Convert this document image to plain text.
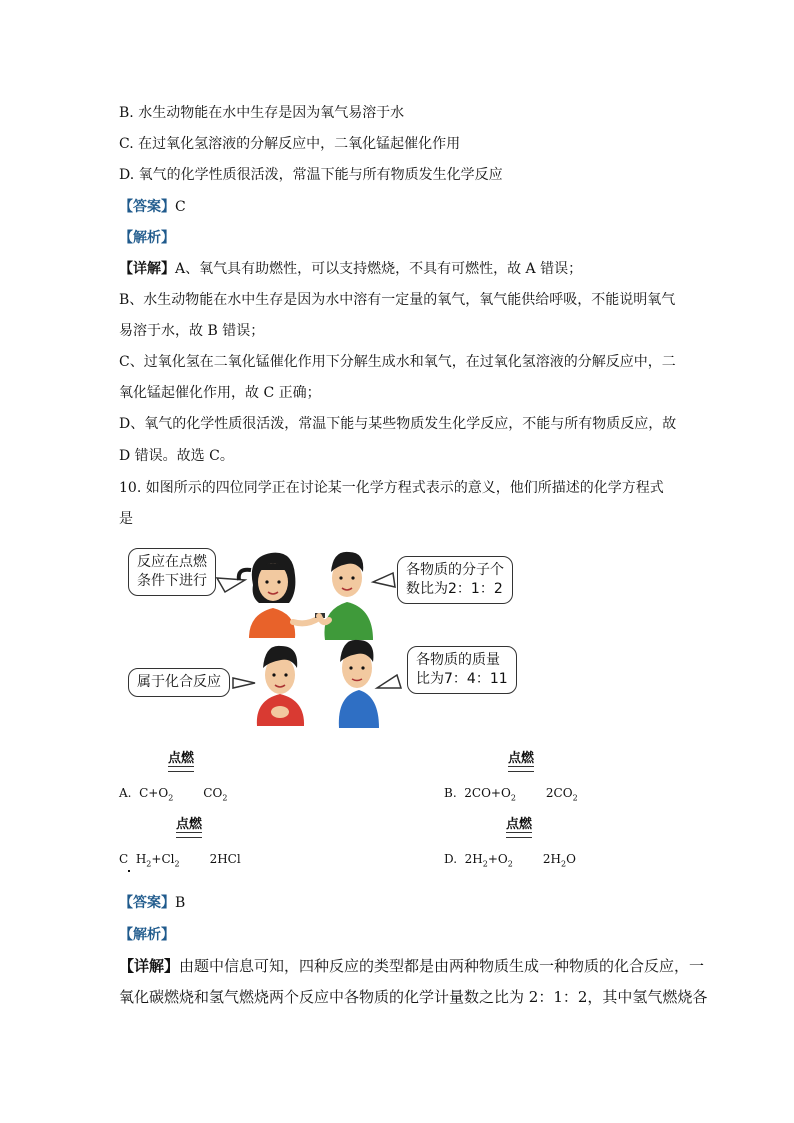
B. 水生动物能在水中生存是因为氧气易溶于水
C. 在过氧化氢溶液的分解反应中，二氧化锰起催化作用
D. 氧气的化学性质很活泼，常温下能与所有物质发生化学反应
【答案】C
【解析】
【详解】A、氧气具有助燃性，可以支持燃烧，不具有可燃性，故 A 错误；
B、水生动物能在水中生存是因为水中溶有一定量的氧气，氧气能供给呼吸，不能说明氧气
易溶于水，故 B 错误；
C、过氧化氢在二氧化锰催化作用下分解生成水和氧气，在过氧化氢溶液的分解反应中，二
氧化锰起催化作用，故 C 正确；
D、氧气的化学性质很活泼，常温下能与某些物质发生化学反应，不能与所有物质反应，故
D 错误。故选 C。
10. 如图所示的四位同学正在讨论某一化学方程式表示的意义，他们所描述的化学方程式
是
反应在点燃
条件下进行
各物质的分子个
数比为2：1：2
属于化合反应
各物质的质量
比为7：4：11
点燃
A. $C+O_2$	$CO_2$
点燃
B. $2CO+O_2$	$2CO_2$
点燃
C $H_2+Cl_2$	2HCl
点燃
D. $2H_2+O_2$	$2H_2O$
【答案】B
【解析】
【详解】由题中信息可知，四种反应的类型都是由两种物质生成一种物质的化合反应，一
氧化碳燃烧和氢气燃烧两个反应中各物质的化学计量数之比为 2：1：2，其中氢气燃烧各
